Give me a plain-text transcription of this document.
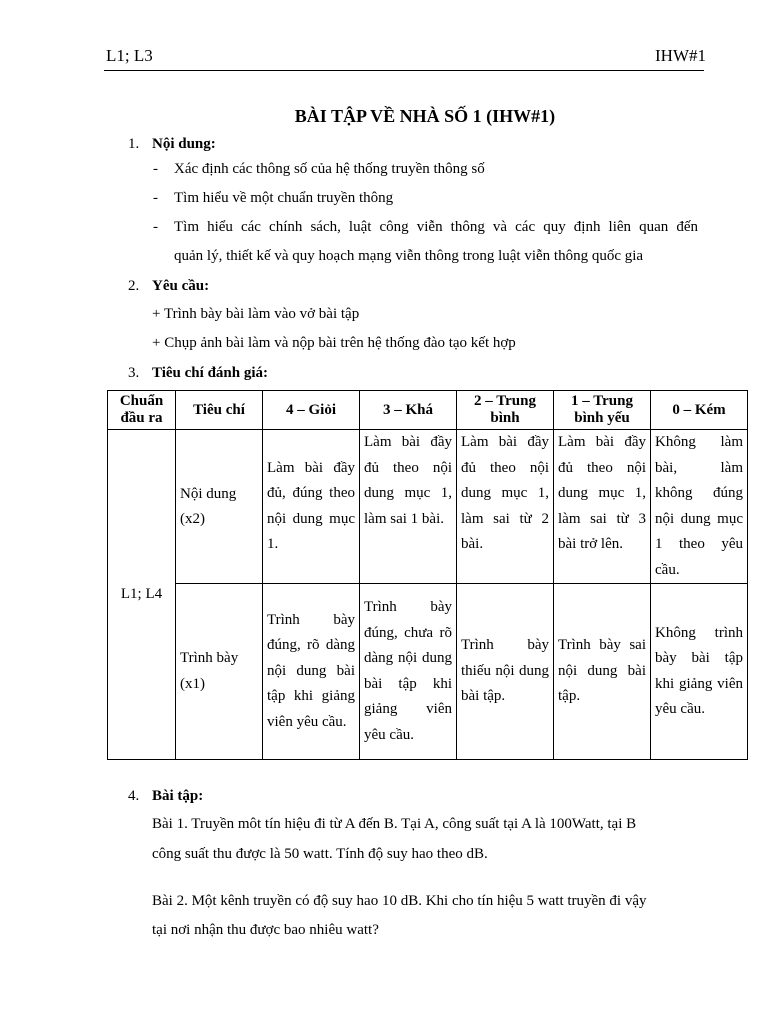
L1; L3	IHW#1
BÀI TẬP VỀ NHÀ SỐ 1 (IHW#1)
1. Nội dung:
- Xác định các thông số của hệ thống truyền thông số
- Tìm hiểu về một chuẩn truyền thông
- Tìm hiểu các chính sách, luật công viễn thông và các quy định liên quan đến
quản lý, thiết kế và quy hoạch mạng viễn thông trong luật viễn thông quốc gia
2. Yêu cầu:
+ Trình bày bài làm vào vở bài tập
+ Chụp ảnh bài làm và nộp bài trên hệ thống đào tạo kết hợp
3. Tiêu chí đánh giá:
Chuẩn đầu ra	Tiêu chí	4 – Giỏi	3 – Khá	2 – Trung bình	1 – Trung bình yếu	0 – Kém
L1; L4	Nội dung (x2)	Làm bài đầy đủ, đúng theo nội dung mục 1.	Làm bài đầy đủ theo nội dung mục 1, làm sai 1 bài.	Làm bài đầy đủ theo nội dung mục 1, làm sai từ 2 bài.	Làm bài đầy đủ theo nội dung mục 1, làm sai từ 3 bài trở lên.	Không làm bài, làm không đúng nội dung mục 1 theo yêu cầu.
	Trình bày (x1)	Trình bày đúng, rõ dàng nội dung bài tập khi giảng viên yêu cầu.	Trình bày đúng, chưa rõ dàng nội dung bài tập khi giảng viên yêu cầu.	Trình bày thiếu nội dung bài tập.	Trình bày sai nội dung bài tập.	Không trình bày bài tập khi giảng viên yêu cầu.
4. Bài tập:
Bài 1. Truyền môt tín hiệu đi từ A đến B. Tại A, công suất tại A là 100Watt, tại B
công suất thu được là 50 watt. Tính độ suy hao theo dB.
Bài 2. Một kênh truyền có độ suy hao 10 dB. Khi cho tín hiệu 5 watt truyền đi vậy
tại nơi nhận thu được bao nhiêu watt?
